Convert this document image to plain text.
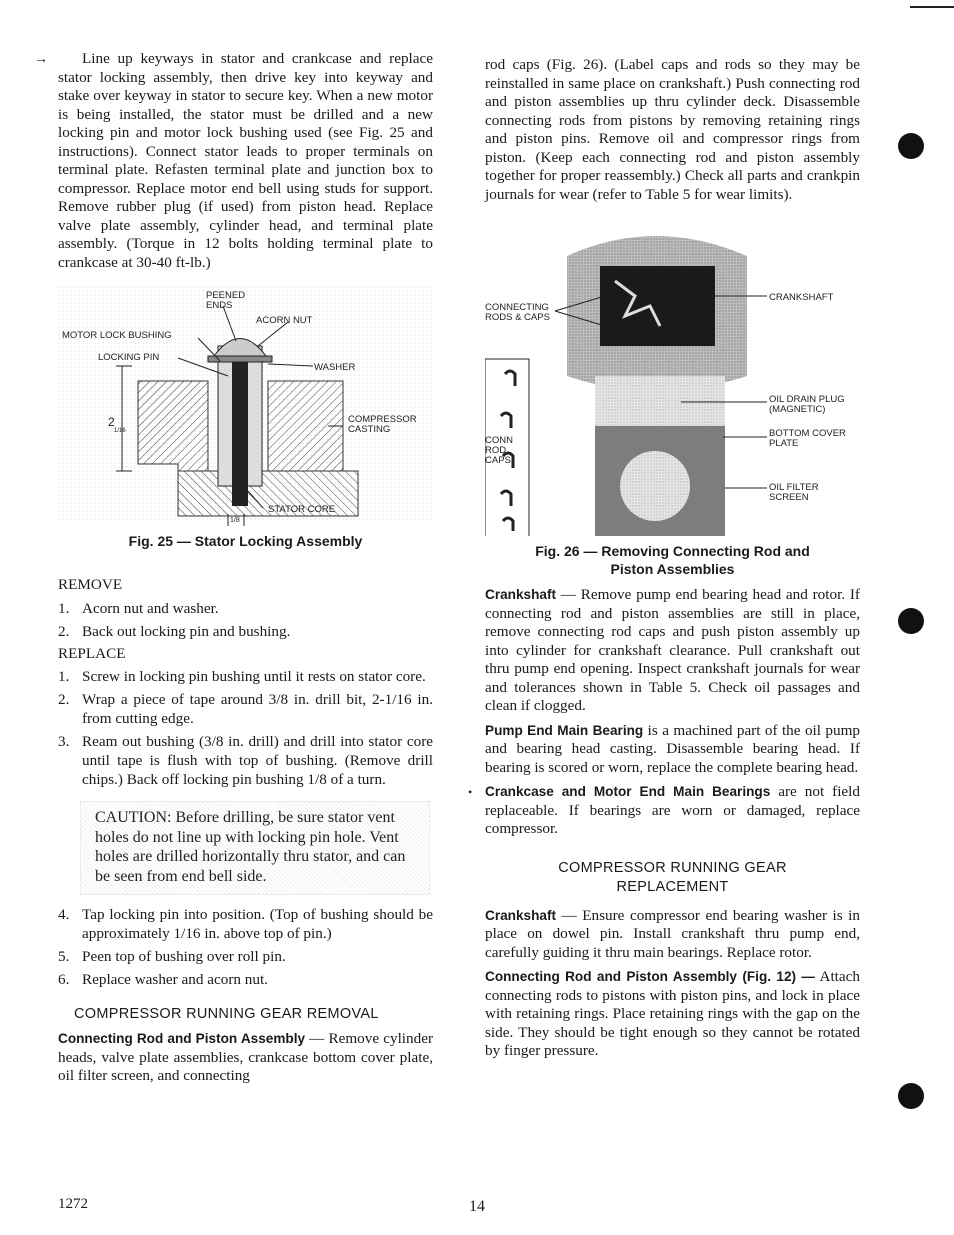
→	Line up keyways in stator and crankcase and replace stator locking assembly, then drive key into keyway and stake over keyway in stator to secure key. When a new motor is being installed, the stator must be drilled and a new locking pin and motor lock bushing used (see Fig. 25 and instructions). Connect stator leads to proper terminals on terminal plate. Refasten terminal plate and junction box to compressor. Replace motor end bell using studs for support. Remove rubber plug (if used) from piston head. Replace valve plate assembly, cylinder head, and terminal plate assembly. (Torque in 12 bolts holding terminal plate to crankcase at 30-40 ft-lb.)

PEENED
ENDS
ACORN NUT
MOTOR LOCK BUSHING
LOCKING PIN
WASHER
COMPRESSOR
CASTING
2
1/16
1/8
STATOR CORE

Fig. 25 — Stator Locking Assembly

REMOVE

1. Acorn nut and washer.
2. Back out locking pin and bushing.

REPLACE

1. Screw in locking pin bushing until it rests on stator core.
2. Wrap a piece of tape around 3/8 in. drill bit, 2-1/16 in. from cutting edge.
3. Ream out bushing (3/8 in. drill) and drill into stator core until tape is flush with top of bushing. (Remove drill chips.) Back off locking pin bushing 1/8 of a turn.
CAUTION: Before drilling, be sure stator vent holes do not line up with locking pin hole. Vent holes are drilled horizontally thru stator, and can be seen from end bell side.
4. Tap locking pin into position. (Top of bushing should be approximately 1/16 in. above top of pin.)
5. Peen top of bushing over roll pin.
6. Replace washer and acorn nut.

COMPRESSOR RUNNING GEAR REMOVAL

Connecting Rod and Piston Assembly — Remove cylinder heads, valve plate assemblies, crankcase bottom cover plate, oil filter screen, and connecting

rod caps (Fig. 26). (Label caps and rods so they may be reinstalled in same place on crankshaft.) Push connecting rod and piston assemblies up thru cylinder deck. Disassemble connecting rods from pistons by removing retaining rings and piston pins. Remove oil and compressor rings from piston. (Keep each connecting rod and piston assembly together for proper reassembly.) Check all parts and crankpin journals for wear (refer to Table 5 for wear limits).

CONNECTING
RODS & CAPS
CRANKSHAFT
OIL DRAIN PLUG
(MAGNETIC)
BOTTOM COVER
PLATE
CONN
ROD
CAPS
OIL FILTER
SCREEN

Fig. 26 — Removing Connecting Rod and

Piston Assemblies

Crankshaft — Remove pump end bearing head and rotor. If connecting rod and piston assemblies are still in place, remove connecting rod caps and push piston assembly up into cylinder for crankshaft clearance. Pull crankshaft out thru pump end opening. Inspect crankshaft journals for wear and tolerances shown in Table 5. Check oil passages and clean if clogged.

Pump End Main Bearing is a machined part of the oil pump and bearing head casting. Disassemble bearing head. If bearing is scored or worn, replace the complete bearing head.

• Crankcase and Motor End Main Bearings are not field replaceable. If bearings are worn or damaged, replace compressor.

COMPRESSOR RUNNING GEAR

REPLACEMENT

Crankshaft — Ensure compressor end bearing washer is in place on dowel pin. Install crankshaft thru pump end, carefully guiding it thru main bearings. Replace rotor.

Connecting Rod and Piston Assembly (Fig. 12) — Attach connecting rods to pistons with piston pins, and lock in place with retaining rings. Place retaining rings with the gap on the side. They should be tight enough so they cannot be rotated by finger pressure.

1272	14
